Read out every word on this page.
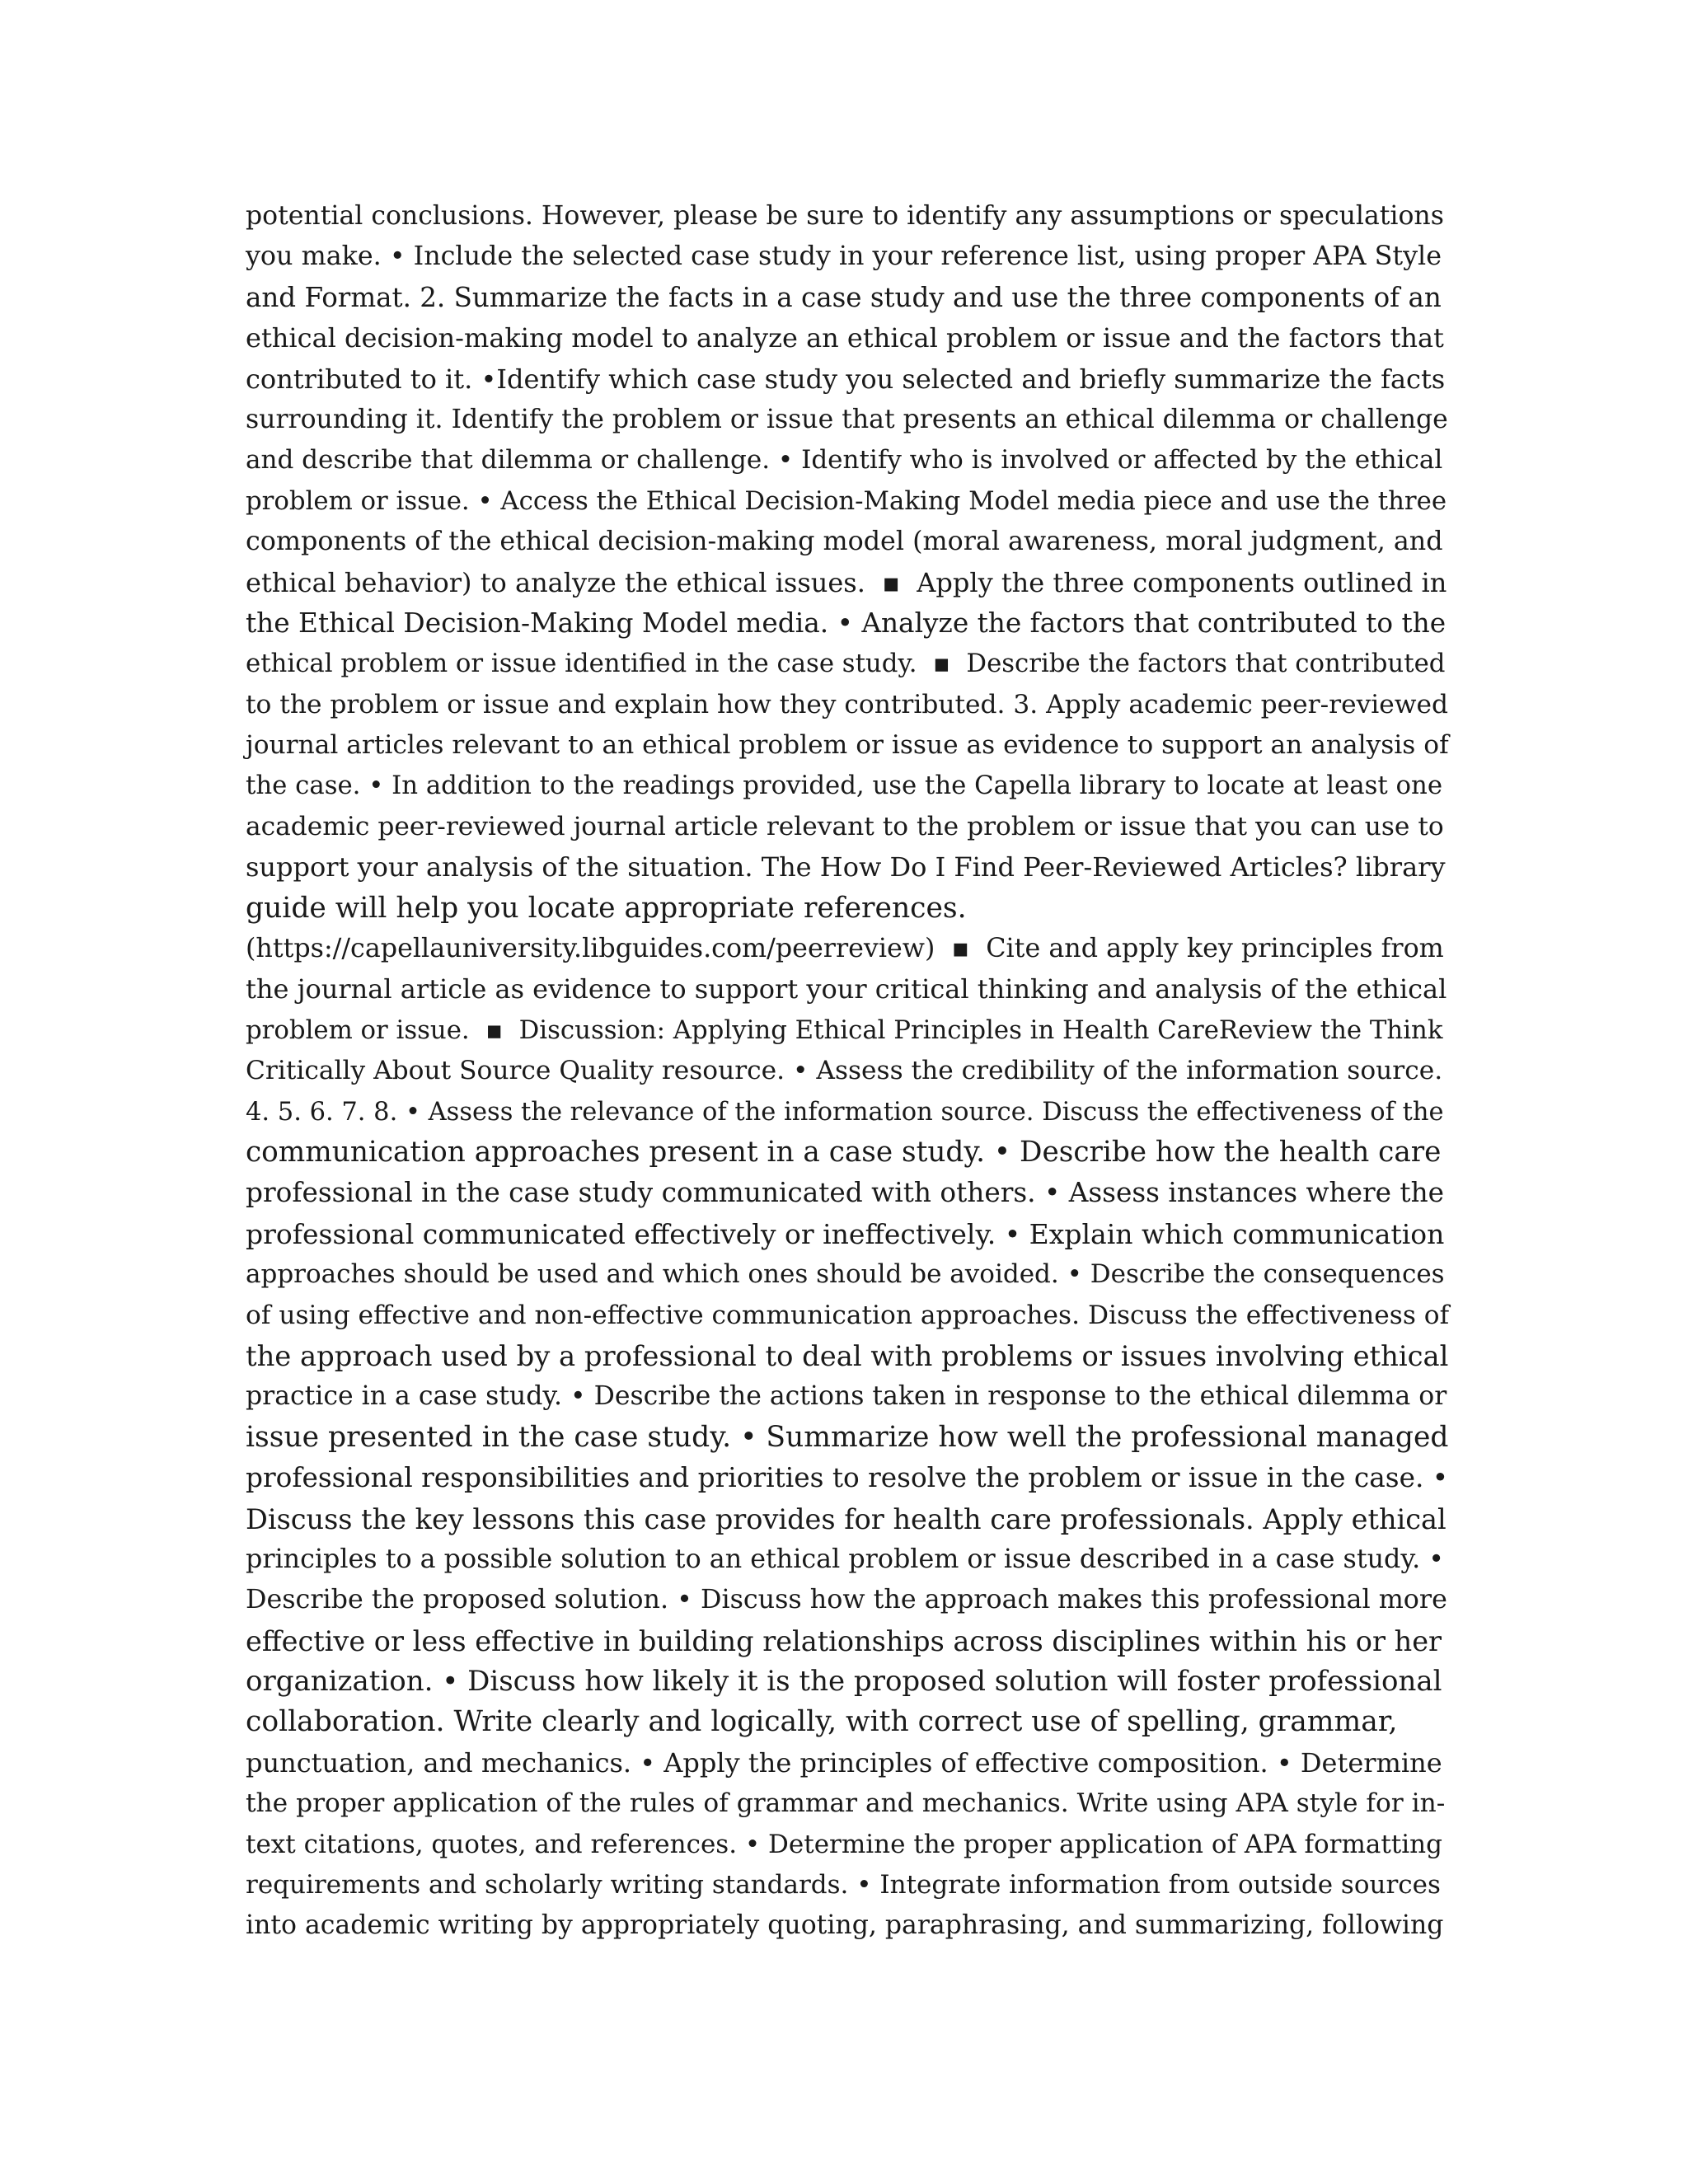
potential conclusions. However, please be sure to identify any assumptions or speculations
you make. • Include the selected case study in your reference list, using proper APA Style
and Format. 2. Summarize the facts in a case study and use the three components of an
ethical decision-making model to analyze an ethical problem or issue and the factors that
contributed to it. •Identify which case study you selected and briefly summarize the facts
surrounding it. Identify the problem or issue that presents an ethical dilemma or challenge
and describe that dilemma or challenge. • Identify who is involved or affected by the ethical
problem or issue. • Access the Ethical Decision-Making Model media piece and use the three
components of the ethical decision-making model (moral awareness, moral judgment, and
ethical behavior) to analyze the ethical issues.  ▪  Apply the three components outlined in
the Ethical Decision-Making Model media. • Analyze the factors that contributed to the
ethical problem or issue identified in the case study.  ▪  Describe the factors that contributed
to the problem or issue and explain how they contributed. 3. Apply academic peer-reviewed
journal articles relevant to an ethical problem or issue as evidence to support an analysis of
the case. • In addition to the readings provided, use the Capella library to locate at least one
academic peer-reviewed journal article relevant to the problem or issue that you can use to
support your analysis of the situation. The How Do I Find Peer-Reviewed Articles? library
guide will help you locate appropriate references.
(https://capellauniversity.libguides.com/peerreview)  ▪  Cite and apply key principles from
the journal article as evidence to support your critical thinking and analysis of the ethical
problem or issue.  ▪  Discussion: Applying Ethical Principles in Health CareReview the Think
Critically About Source Quality resource. • Assess the credibility of the information source.
4. 5. 6. 7. 8. • Assess the relevance of the information source. Discuss the effectiveness of the
communication approaches present in a case study. • Describe how the health care
professional in the case study communicated with others. • Assess instances where the
professional communicated effectively or ineffectively. • Explain which communication
approaches should be used and which ones should be avoided. • Describe the consequences
of using effective and non-effective communication approaches. Discuss the effectiveness of
the approach used by a professional to deal with problems or issues involving ethical
practice in a case study. • Describe the actions taken in response to the ethical dilemma or
issue presented in the case study. • Summarize how well the professional managed
professional responsibilities and priorities to resolve the problem or issue in the case. •
Discuss the key lessons this case provides for health care professionals. Apply ethical
principles to a possible solution to an ethical problem or issue described in a case study. •
Describe the proposed solution. • Discuss how the approach makes this professional more
effective or less effective in building relationships across disciplines within his or her
organization. • Discuss how likely it is the proposed solution will foster professional
collaboration. Write clearly and logically, with correct use of spelling, grammar,
punctuation, and mechanics. • Apply the principles of effective composition. • Determine
the proper application of the rules of grammar and mechanics. Write using APA style for in-
text citations, quotes, and references. • Determine the proper application of APA formatting
requirements and scholarly writing standards. • Integrate information from outside sources
into academic writing by appropriately quoting, paraphrasing, and summarizing, following
